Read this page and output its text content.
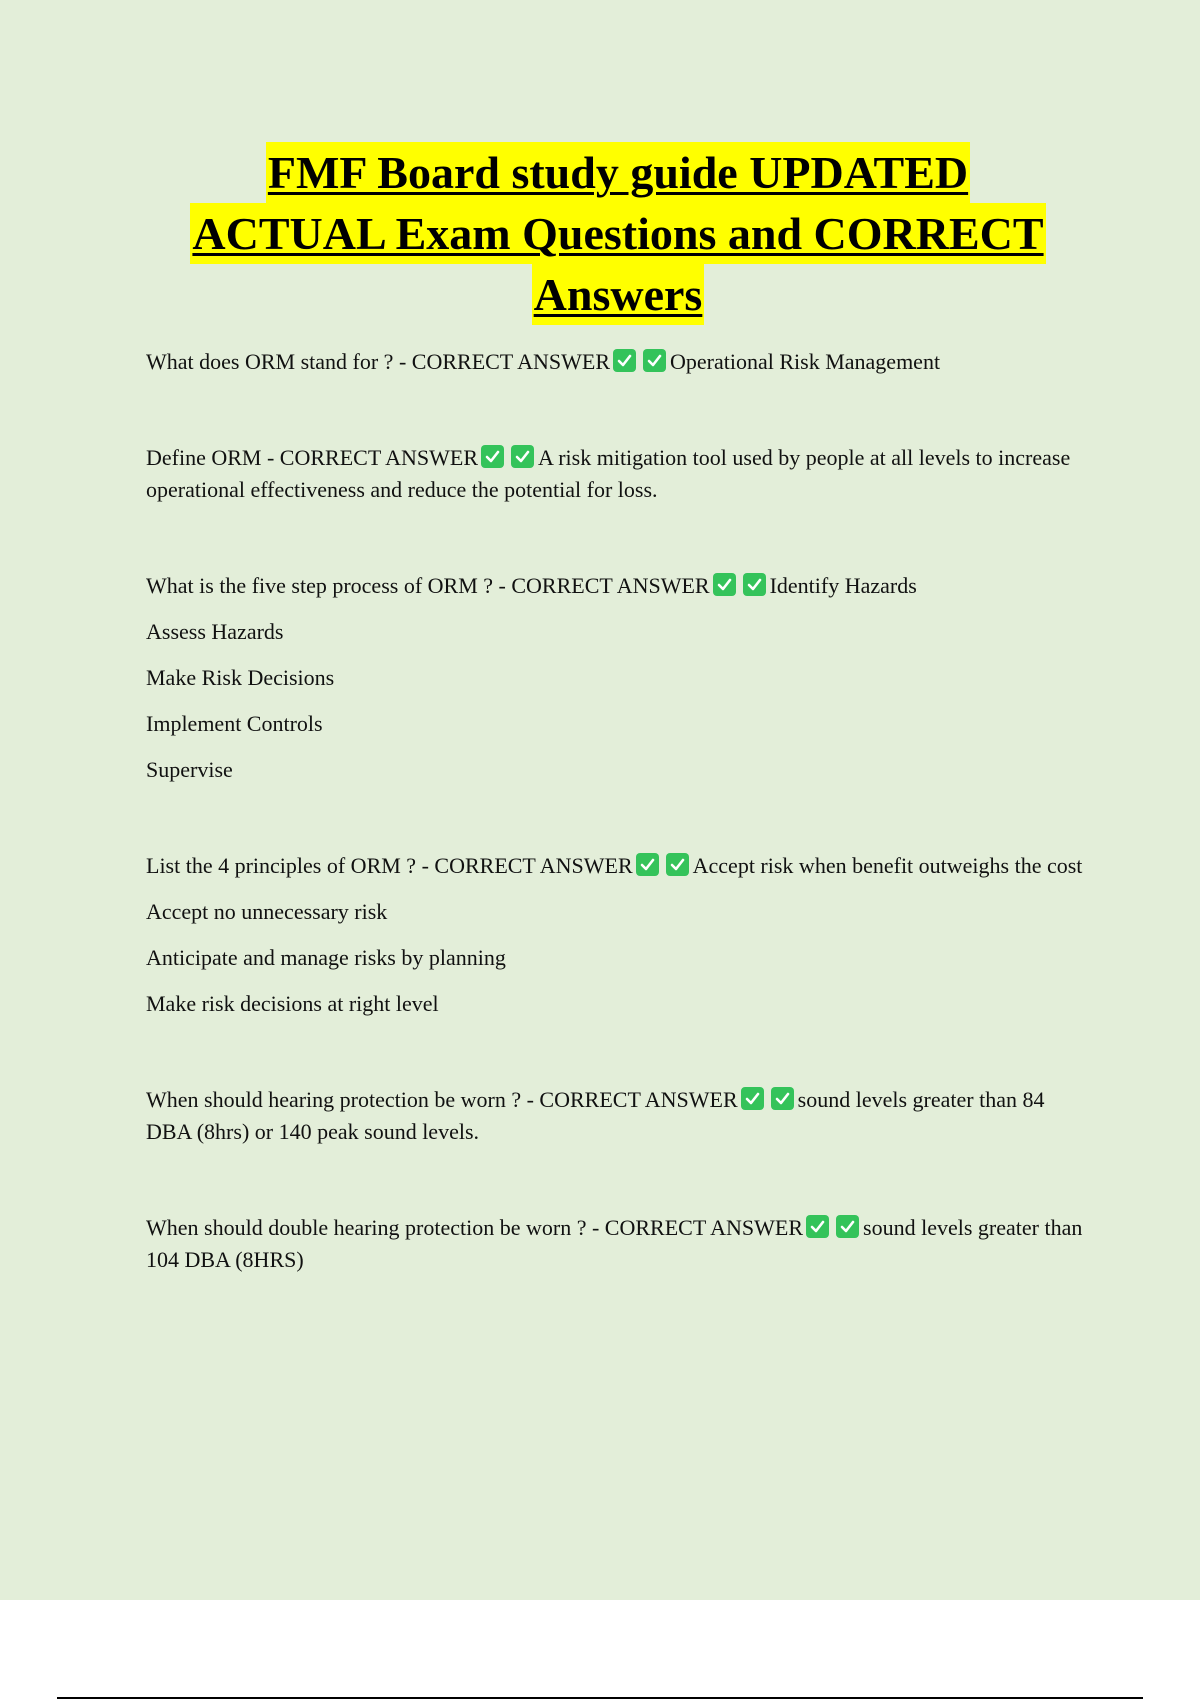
FMF Board study guide UPDATED
ACTUAL Exam Questions and CORRECT
Answers

What does ORM stand for ? - CORRECT ANSWER	Operational Risk Management

Define ORM - CORRECT ANSWER	A risk mitigation tool used by people at all levels to increase operational effectiveness and reduce the potential for loss.

What is the five step process of ORM ? - CORRECT ANSWER	Identify Hazards

Assess Hazards

Make Risk Decisions

Implement Controls

Supervise

List the 4 principles of ORM ? - CORRECT ANSWER	Accept risk when benefit outweighs the cost

Accept no unnecessary risk

Anticipate and manage risks by planning

Make risk decisions at right level

When should hearing protection be worn ? - CORRECT ANSWER	sound levels greater than 84 DBA (8hrs) or 140 peak sound levels.

When should double hearing protection be worn ? - CORRECT ANSWER	sound levels greater than 104 DBA (8HRS)
